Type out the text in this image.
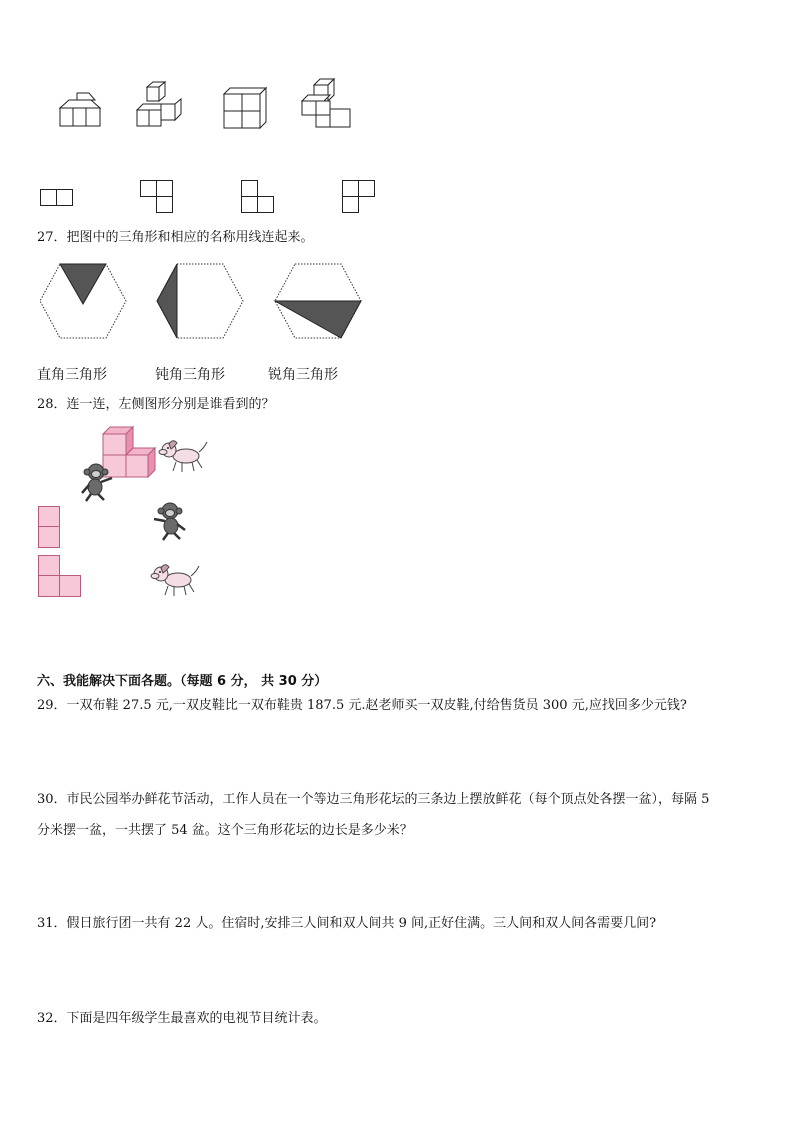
27．把图中的三角形和相应的名称用线连起来。
直角三角形	钝角三角形	锐角三角形
28．连一连，左侧图形分别是谁看到的？
六、我能解决下面各题。（每题 6 分， 共 30 分）
29．一双布鞋 27.5 元,一双皮鞋比一双布鞋贵 187.5 元.赵老师买一双皮鞋,付给售货员 300 元,应找回多少元钱?
30．市民公园举办鲜花节活动，工作人员在一个等边三角形花坛的三条边上摆放鲜花（每个顶点处各摆一盆），每隔 5
分米摆一盆，一共摆了 54 盆。这个三角形花坛的边长是多少米？
31．假日旅行团一共有 22 人。住宿时,安排三人间和双人间共 9 间,正好住满。三人间和双人间各需要几间?
32．下面是四年级学生最喜欢的电视节目统计表。
